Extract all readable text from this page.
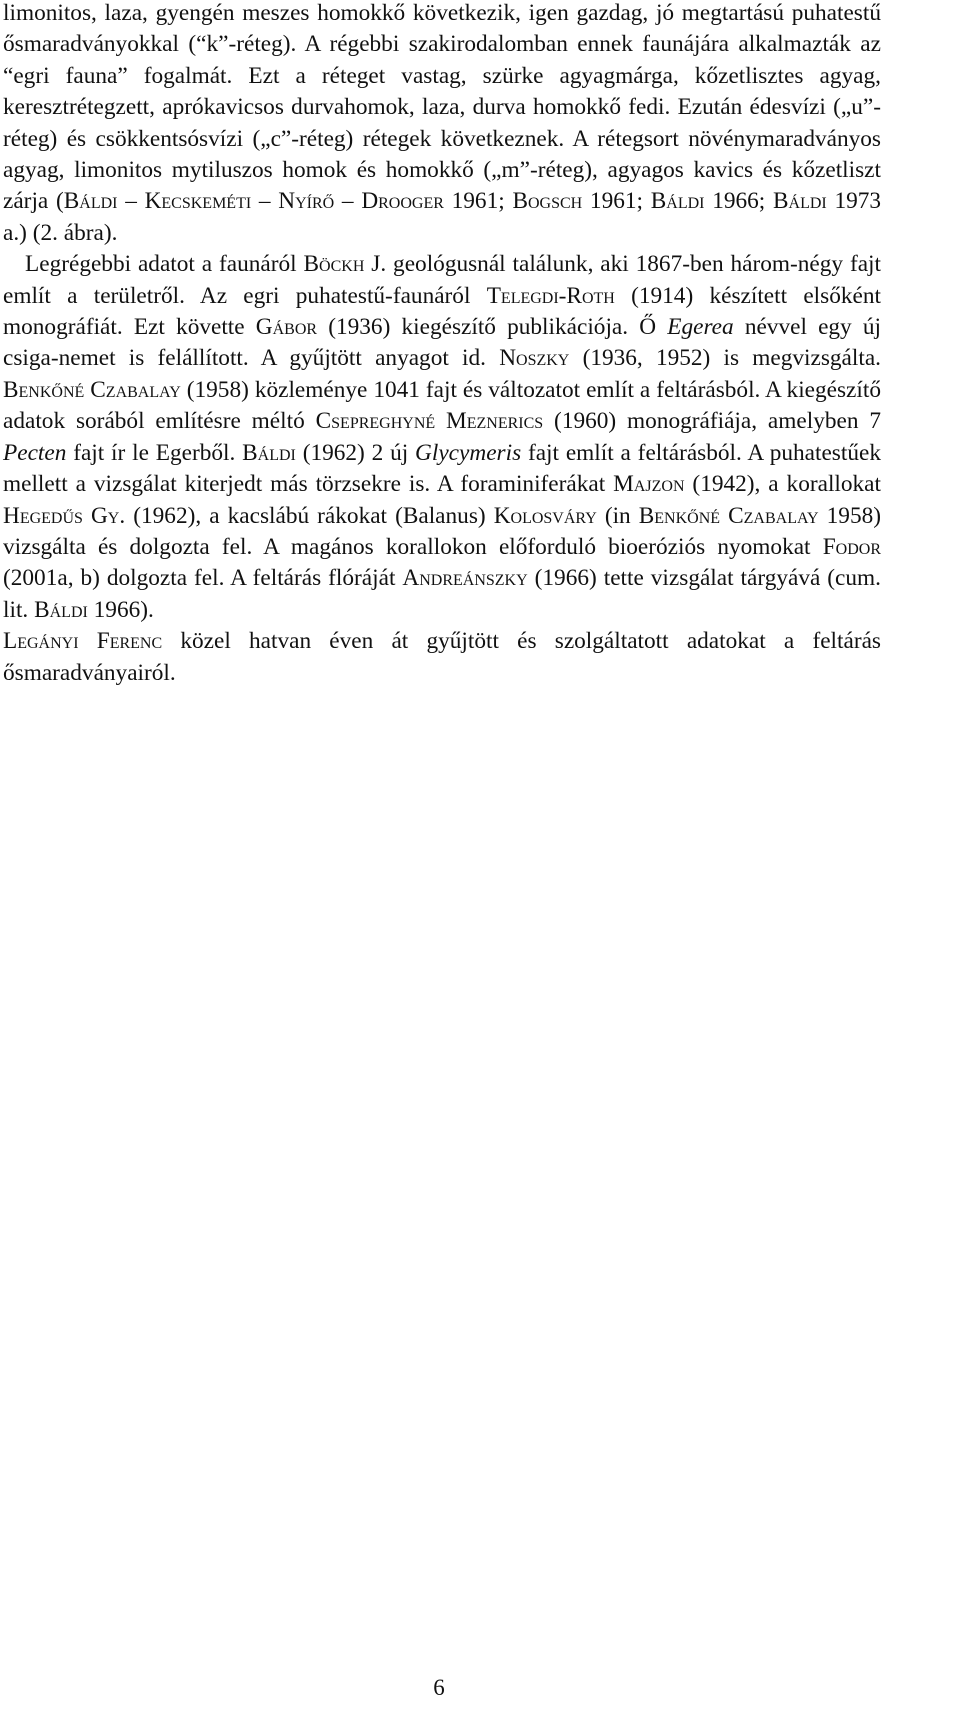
limonitos, laza, gyengén meszes homokkő következik, igen gazdag, jó megtartású puhatestű ősmaradványokkal (“k”-réteg). A régebbi szakirodalomban ennek faunájára alkalmazták az “egri fauna” fogalmát. Ezt a réteget vastag, szürke agyagmárga, kőzetlisztes agyag, keresztrétegzett, aprókavicsos durvahomok, laza, durva homokkő fedi. Ezután édesvízi („u”-réteg) és csökkentsósvízi („c”-réteg) rétegek következnek. A rétegsort növénymaradványos agyag, limonitos mytiluszos homok és homokkő („m”-réteg), agyagos kavics és kőzetliszt zárja (Báldi – Kecskeméti – Nyírő – Drooger 1961; Bogsch 1961; Báldi 1966; Báldi 1973 a.) (2. ábra).

Legrégebbi adatot a faunáról Böckh J. geológusnál találunk, aki 1867-ben három-négy fajt említ a területről. Az egri puhatestű-faunáról Telegdi-Roth (1914) készített elsőként monográfiát. Ezt követte Gábor (1936) kiegészítő publikációja. Ő Egerea névvel egy új csiga-nemet is felállított. A gyűjtött anyagot id. Noszky (1936, 1952) is megvizsgálta. Benkőné Czabalay (1958) közleménye 1041 fajt és változatot említ a feltárásból. A kiegészítő adatok sorából említésre méltó Csepreghyné Meznerics (1960) monográfiája, amelyben 7 Pecten fajt ír le Egerből. Báldi (1962) 2 új Glycymeris fajt említ a feltárásból. A puhatestűek mellett a vizsgálat kiterjedt más törzsekre is. A foraminiferákat Majzon (1942), a korallokat Hegedűs Gy. (1962), a kacslábú rákokat (Balanus) Kolosváry (in Benkőné Czabalay 1958) vizsgálta és dolgozta fel. A magános korallokon előforduló bioeróziós nyomokat Fodor (2001a, b) dolgozta fel. A feltárás flóráját Andreánszky (1966) tette vizsgálat tárgyává (cum. lit. Báldi 1966).

Legányi Ferenc közel hatvan éven át gyűjtött és szolgáltatott adatokat a feltárás ősmaradványairól.

6
